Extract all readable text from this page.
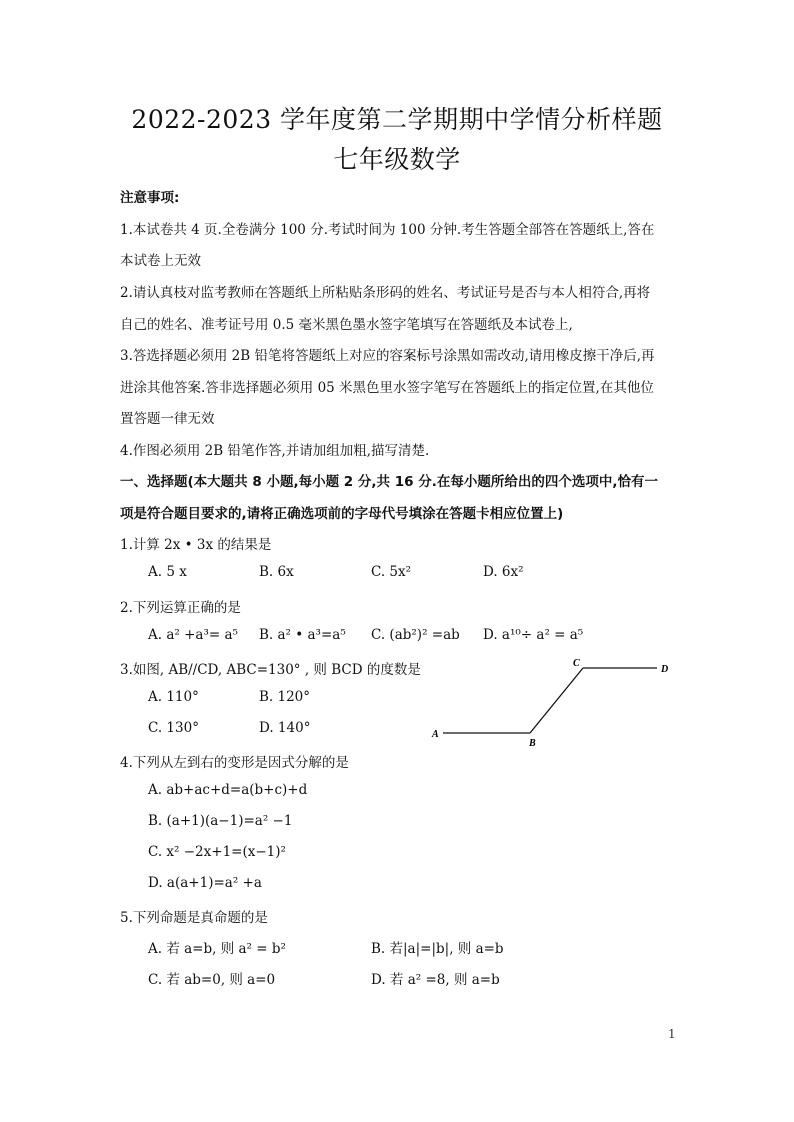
2022-2023 学年度第二学期期中学情分析样题
七年级数学
注意事项:
1.本试卷共 4 页.全卷满分 100 分.考试时间为 100 分钟.考生答题全部答在答题纸上,答在
本试卷上无效
2.请认真枝对监考教师在答题纸上所粘贴条形码的姓名、考试证号是否与本人相符合,再将
自己的姓名、准考证号用 0.5 毫米黑色墨水签字笔填写在答题纸及本试卷上,
3.答选择题必须用 2B 铅笔将答题纸上对应的容案标号涂黑如需改动,请用橡皮擦干净后,再
进涂其他答案.答非选择题必须用 05 米黑色里水签字笔写在答题纸上的指定位置,在其他位
置答题一律无效
4.作图必须用 2B 铅笔作答,并请加组加粗,描写清楚.
一、选择题(本大题共 8 小题,每小题 2 分,共 16 分.在每小题所给出的四个选项中,恰有一
项是符合题目要求的,请将正确选项前的字母代号填涂在答题卡相应位置上)
1.计算 2x • 3x 的结果是
A. 5 x	B. 6x	C. 5x²	D. 6x²
2.下列运算正确的是
A. a² +a³= a⁵ B. a² • a³=a⁵ C. (ab²)² =ab D. a¹⁰÷ a² = a⁵
3.如图, AB//CD, ABC=130° , 则 BCD 的度数是
A. 110°	B. 120°
C. 130°	D. 140°	A
B
C
D
4.下列从左到右的变形是因式分解的是
A. ab+ac+d=a(b+c)+d
B. (a+1)(a−1)=a² −1
C. x² −2x+1=(x−1)²
D. a(a+1)=a² +a
5.下列命题是真命题的是
A. 若 a=b, 则 a² = b²	B. 若|a|=|b|, 则 a=b
C. 若 ab=0, 则 a=0	D. 若 a² =8, 则 a=b
1
